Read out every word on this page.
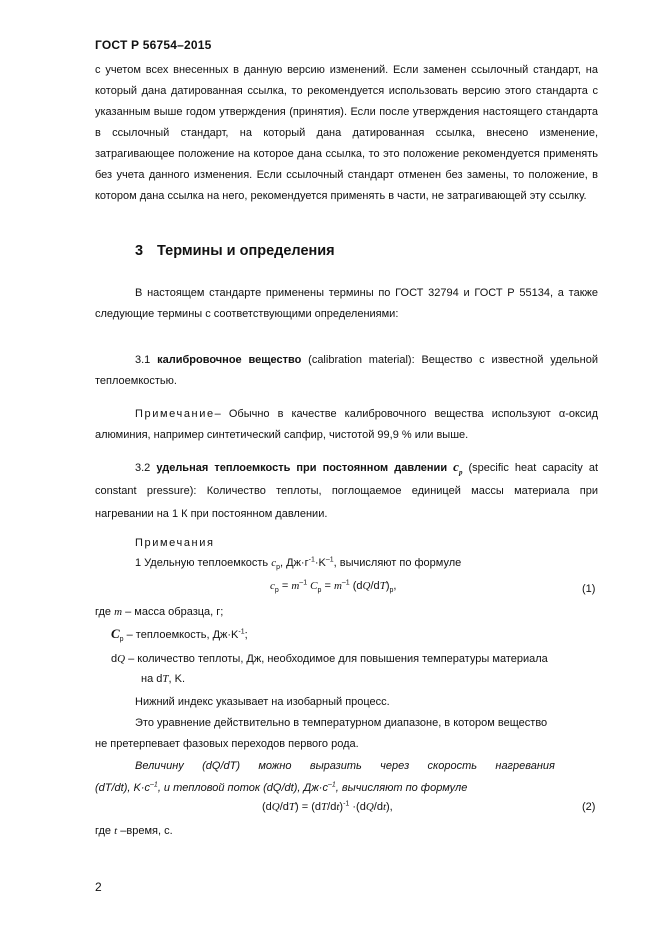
ГОСТ Р 56754–2015
с учетом всех внесенных в данную версию изменений. Если заменен ссылочный стандарт, на который дана датированная ссылка, то рекомендуется использовать версию этого стандарта с указанным выше годом утверждения (принятия). Если после утверждения настоящего стандарта в ссылочный стандарт, на который дана датированная ссылка, внесено изменение, затрагивающее положение на которое дана ссылка, то это положение рекомендуется применять без учета данного изменения. Если ссылочный стандарт отменен без замены, то положение, в котором дана ссылка на него, рекомендуется применять в части, не затрагивающей эту ссылку.
3 Термины и определения
В настоящем стандарте применены термины по ГОСТ 32794 и ГОСТ Р 55134, а также следующие термины с соответствующими определениями:
3.1 калибровочное вещество (calibration material): Вещество с известной удельной теплоемкостью.
Примечание– Обычно в качестве калибровочного вещества используют α-оксид алюминия, например синтетический сапфир, чистотой 99,9 % или выше.
3.2 удельная теплоемкость при постоянном давлении $c_p$ (specific heat capacity at constant pressure): Количество теплоты, поглощаемое единицей массы материала при нагревании на 1 К при постоянном давлении.
Примечания
1 Удельную теплоемкость $c_p$, $Дж\cdot г^{-1}\cdot K^{-1}$, вычисляют по формуле
$c_p = m^{-1}$ $C_p = m^{-1}$ $(dQ/dT)_p$,	(1)
где m – масса образца, г;
$C_p$ – теплоемкость, $Дж\cdot K^{-1}$;
dQ – количество теплоты, Дж, необходимое для повышения температуры материала
на dT, K.
Нижний индекс указывает на изобарный процесс.
Это уравнение действительно в температурном диапазоне, в котором вещество
не претерпевает фазовых переходов первого рода.
Величину      (dQ/dT)      можно      выразить      через      скорость      нагревания
(dT/dt), $K\cdot c^{-1}$, и тепловой поток (dQ/dt), $Дж\cdot c^{-1}$, вычисляют по формуле
$(dQ/dT) = (dT/dt)^{-1} \cdot(dQ/dt)$,	(2)
где t –время, с.
2
